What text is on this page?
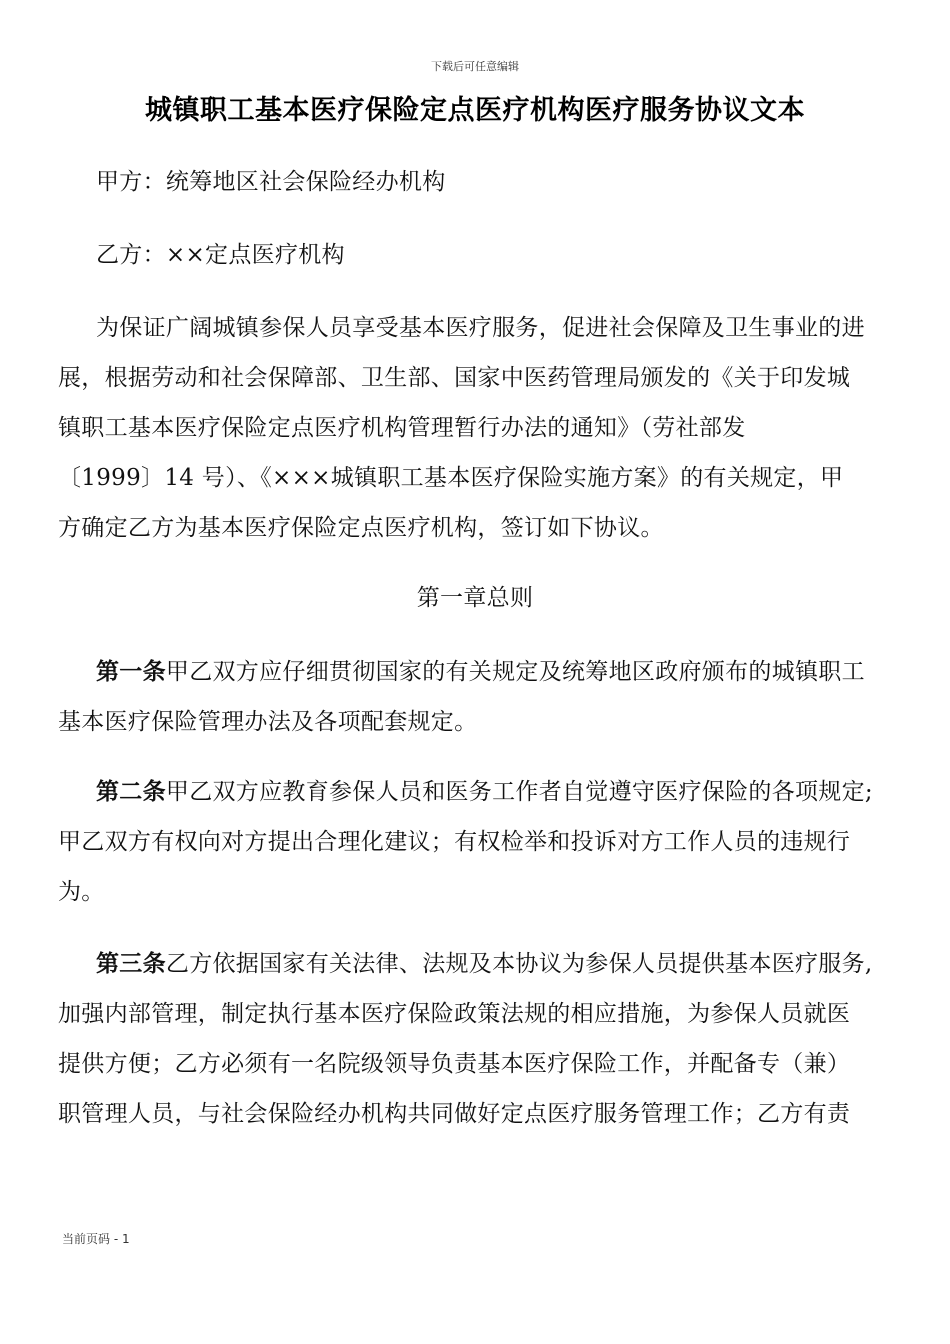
下载后可任意编辑
城镇职工基本医疗保险定点医疗机构医疗服务协议文本
甲方：统筹地区社会保险经办机构
乙方：××定点医疗机构
为保证广阔城镇参保人员享受基本医疗服务，促进社会保障及卫生事业的进
展，根据劳动和社会保障部、卫生部、国家中医药管理局颁发的《关于印发城
镇职工基本医疗保险定点医疗机构管理暂行办法的通知》（劳社部发
〔1999〕14 号）、《×××城镇职工基本医疗保险实施方案》的有关规定，甲
方确定乙方为基本医疗保险定点医疗机构，签订如下协议。
第一章总则
第一条甲乙双方应仔细贯彻国家的有关规定及统筹地区政府颁布的城镇职工
基本医疗保险管理办法及各项配套规定。
第二条甲乙双方应教育参保人员和医务工作者自觉遵守医疗保险的各项规定;
甲乙双方有权向对方提出合理化建议；有权检举和投诉对方工作人员的违规行
为。
第三条乙方依据国家有关法律、法规及本协议为参保人员提供基本医疗服务,
加强内部管理，制定执行基本医疗保险政策法规的相应措施，为参保人员就医
提供方便；乙方必须有一名院级领导负责基本医疗保险工作，并配备专（兼）
职管理人员，与社会保险经办机构共同做好定点医疗服务管理工作；乙方有责
当前页码 - 1
